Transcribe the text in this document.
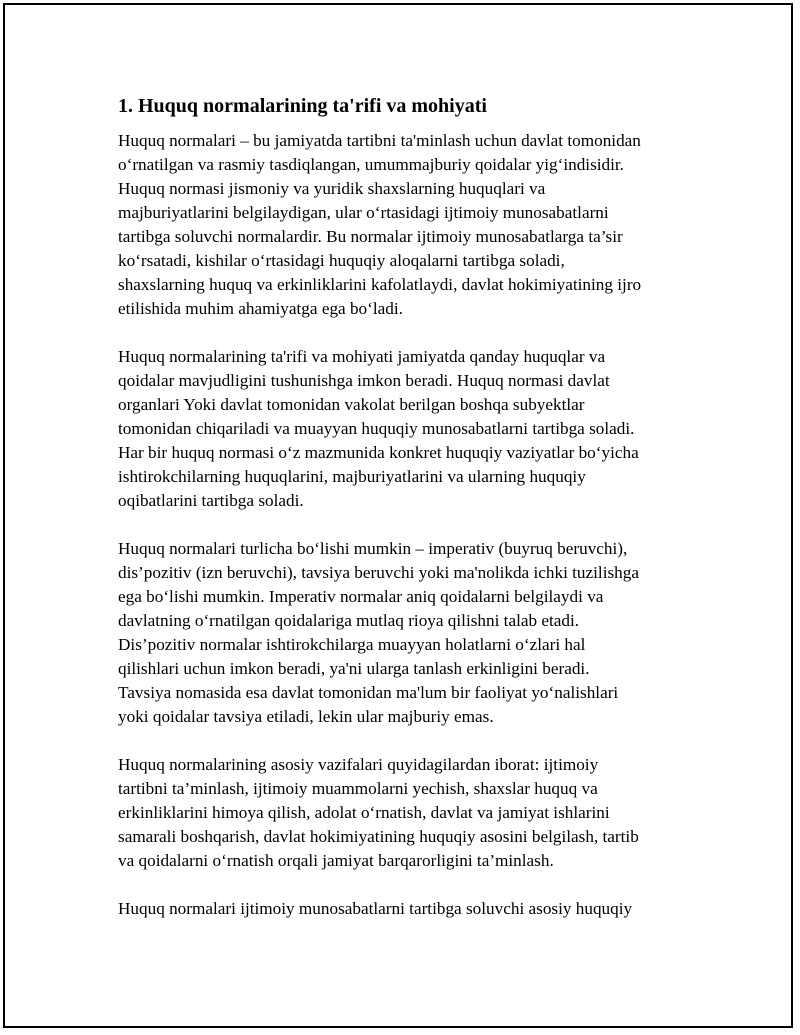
1. Huquq normalarining ta'rifi va mohiyati

Huquq normalari – bu jamiyatda tartibni ta'minlash uchun davlat tomonidan
o‘rnatilgan va rasmiy tasdiqlangan, umummajburiy qoidalar yig‘indisidir.
Huquq normasi jismoniy va yuridik shaxslarning huquqlari va
majburiyatlarini belgilaydigan, ular o‘rtasidagi ijtimoiy munosabatlarni
tartibga soluvchi normalardir. Bu normalar ijtimoiy munosabatlarga ta’sir
ko‘rsatadi, kishilar o‘rtasidagi huquqiy aloqalarni tartibga soladi,
shaxslarning huquq va erkinliklarini kafolatlaydi, davlat hokimiyatining ijro
etilishida muhim ahamiyatga ega bo‘ladi.

Huquq normalarining ta'rifi va mohiyati jamiyatda qanday huquqlar va
qoidalar mavjudligini tushunishga imkon beradi. Huquq normasi davlat
organlari Yoki davlat tomonidan vakolat berilgan boshqa subyektlar
tomonidan chiqariladi va muayyan huquqiy munosabatlarni tartibga soladi.
Har bir huquq normasi o‘z mazmunida konkret huquqiy vaziyatlar bo‘yicha
ishtirokchilarning huquqlarini, majburiyatlarini va ularning huquqiy
oqibatlarini tartibga soladi.

Huquq normalari turlicha bo‘lishi mumkin – imperativ (buyruq beruvchi),
dis’pozitiv (izn beruvchi), tavsiya beruvchi yoki ma'nolikda ichki tuzilishga
ega bo‘lishi mumkin. Imperativ normalar aniq qoidalarni belgilaydi va
davlatning o‘rnatilgan qoidalariga mutlaq rioya qilishni talab etadi.
Dis’pozitiv normalar ishtirokchilarga muayyan holatlarni o‘zlari hal
qilishlari uchun imkon beradi, ya'ni ularga tanlash erkinligini beradi.
Tavsiya nomasida esa davlat tomonidan ma'lum bir faoliyat yo‘nalishlari
yoki qoidalar tavsiya etiladi, lekin ular majburiy emas.

Huquq normalarining asosiy vazifalari quyidagilardan iborat: ijtimoiy
tartibni ta’minlash, ijtimoiy muammolarni yechish, shaxslar huquq va
erkinliklarini himoya qilish, adolat o‘rnatish, davlat va jamiyat ishlarini
samarali boshqarish, davlat hokimiyatining huquqiy asosini belgilash, tartib
va qoidalarni o‘rnatish orqali jamiyat barqarorligini ta’minlash.

Huquq normalari ijtimoiy munosabatlarni tartibga soluvchi asosiy huquqiy
